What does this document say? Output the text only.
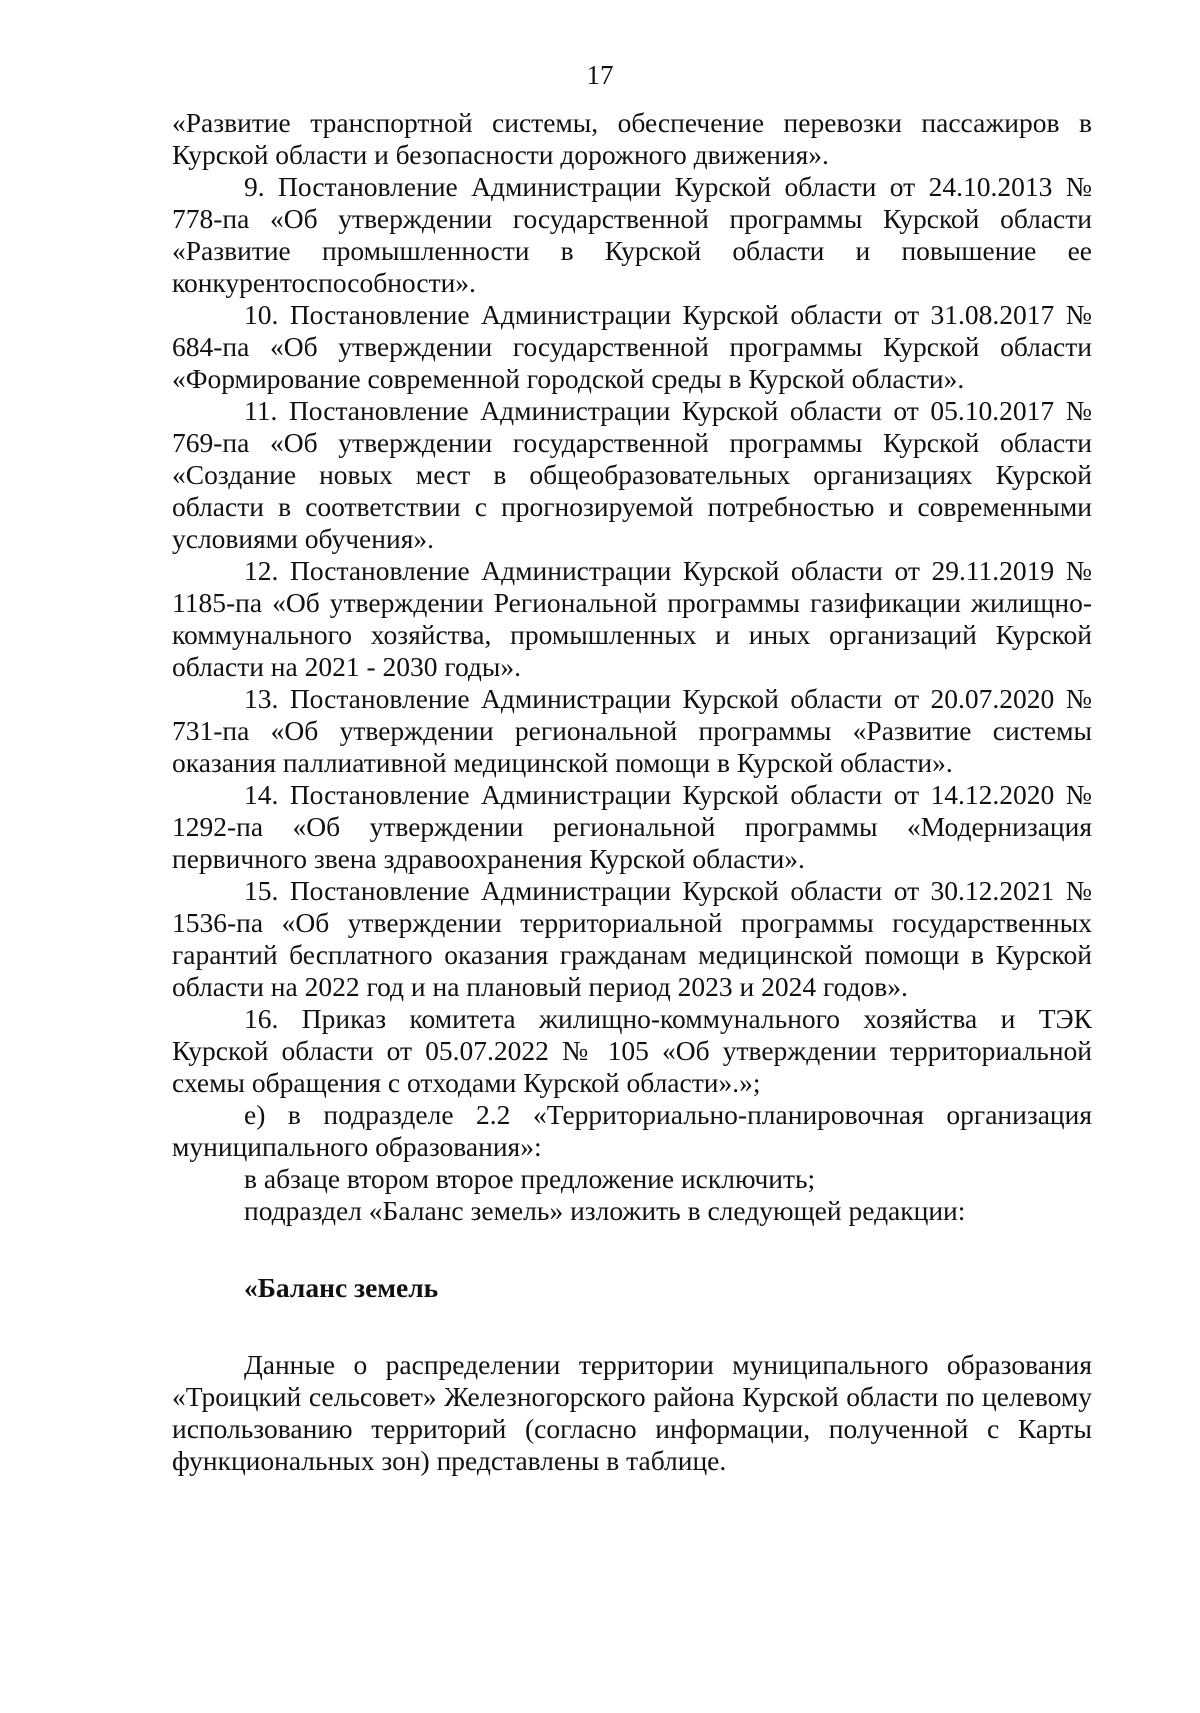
17

«Развитие транспортной системы, обеспечение перевозки пассажиров в Курской области и безопасности дорожного движения».

9. Постановление Администрации Курской области от 24.10.2013 № 778-па «Об утверждении государственной программы Курской области «Развитие промышленности в Курской области и повышение ее конкурентоспособности».

10. Постановление Администрации Курской области от 31.08.2017 № 684-па «Об утверждении государственной программы Курской области «Формирование современной городской среды в Курской области».

11. Постановление Администрации Курской области от 05.10.2017 № 769-па «Об утверждении государственной программы Курской области «Создание новых мест в общеобразовательных организациях Курской области в соответствии с прогнозируемой потребностью и современными условиями обучения».

12. Постановление Администрации Курской области от 29.11.2019 № 1185-па «Об утверждении Региональной программы газификации жилищно-коммунального хозяйства, промышленных и иных организаций Курской области на 2021 - 2030 годы».

13. Постановление Администрации Курской области от 20.07.2020 № 731-па «Об утверждении региональной программы «Развитие системы оказания паллиативной медицинской помощи в Курской области».

14. Постановление Администрации Курской области от 14.12.2020 № 1292-па «Об утверждении региональной программы «Модернизация первичного звена здравоохранения Курской области».

15. Постановление Администрации Курской области от 30.12.2021 № 1536-па «Об утверждении территориальной программы государственных гарантий бесплатного оказания гражданам медицинской помощи в Курской области на 2022 год и на плановый период 2023 и 2024 годов».

16. Приказ комитета жилищно-коммунального хозяйства и ТЭК Курской области от 05.07.2022 № 105 «Об утверждении территориальной схемы обращения с отходами Курской области».»;

е) в подразделе 2.2 «Территориально-планировочная организация муниципального образования»:

в абзаце втором второе предложение исключить;

подраздел «Баланс земель» изложить в следующей редакции:

«Баланс земель

Данные о распределении территории муниципального образования «Троицкий сельсовет» Железногорского района Курской области по целевому использованию территорий (согласно информации, полученной с Карты функциональных зон) представлены в таблице.
